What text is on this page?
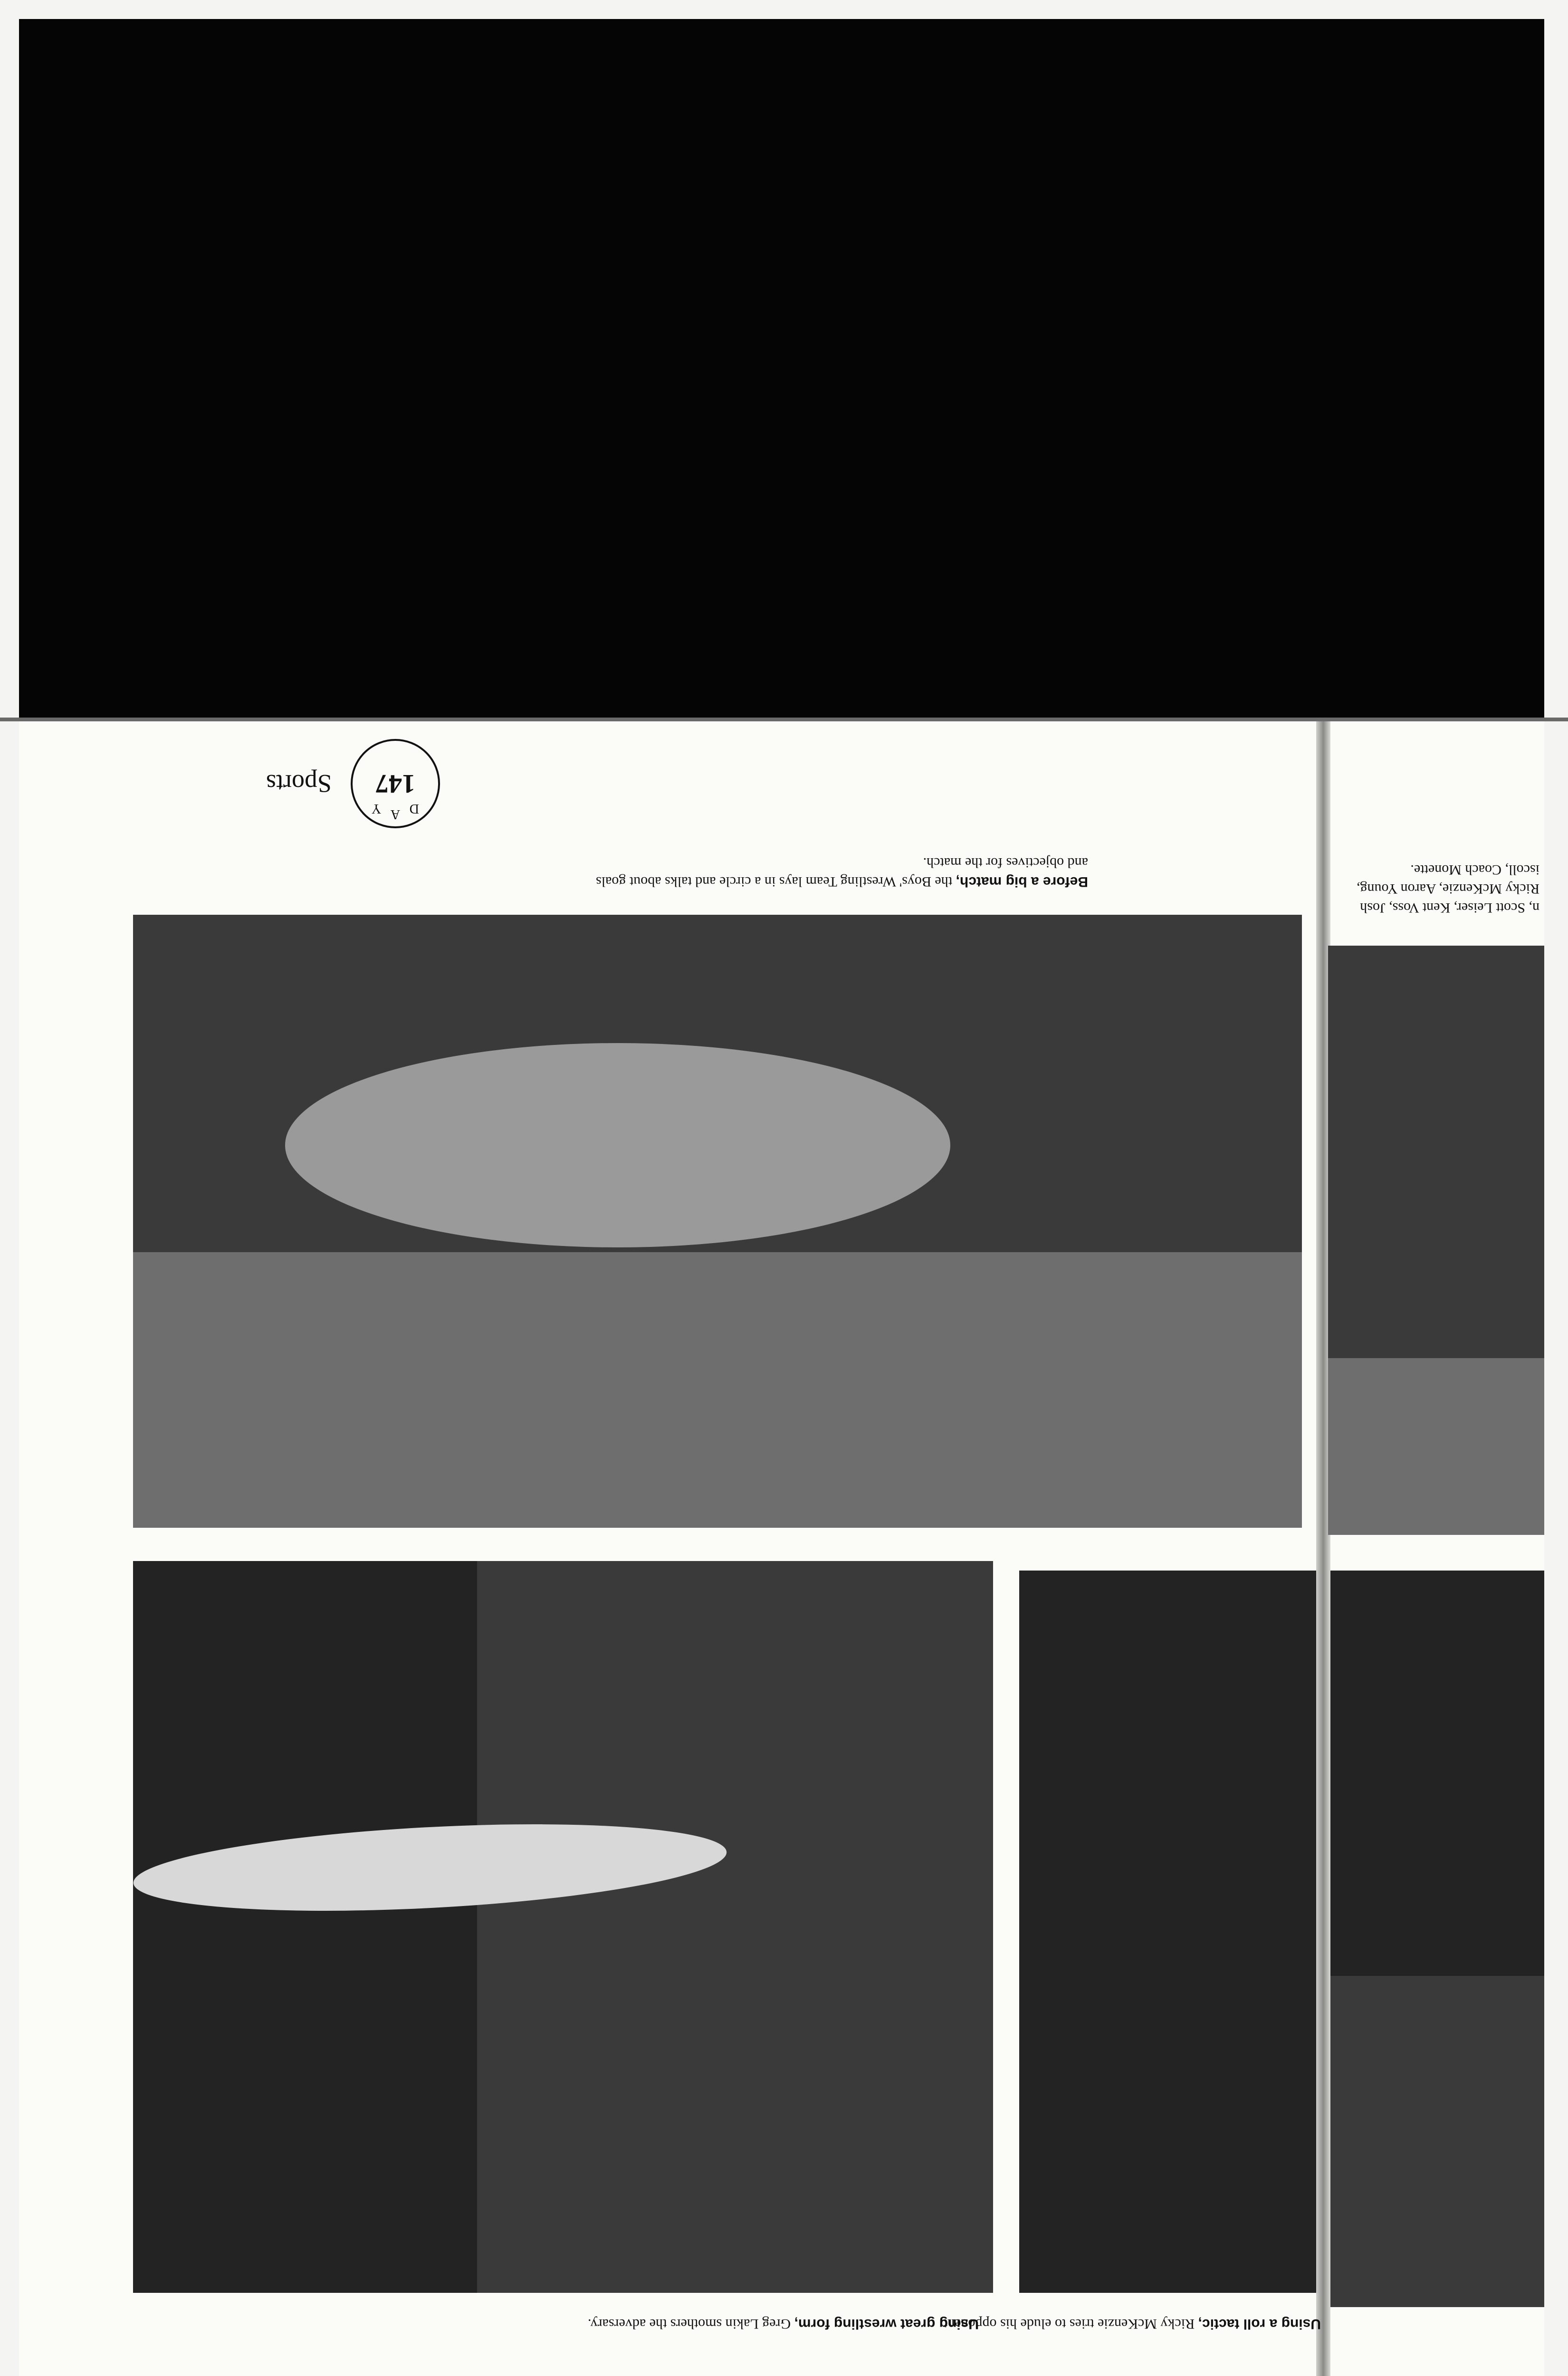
Before a big match, the Boys' Wrestling Team lays in a circle and talks about goals and objectives for the match.
Using great wrestling form, Greg Lakin smothers the adversary.	Using a roll tactic, Ricky McKenzie tries to elude his opponent.
n, Scott Leiser, Kent Voss, Josh Ricky McKenzie, Aaron Young, iscoll, Coach Monette.
147
D
A
Y
Sports
